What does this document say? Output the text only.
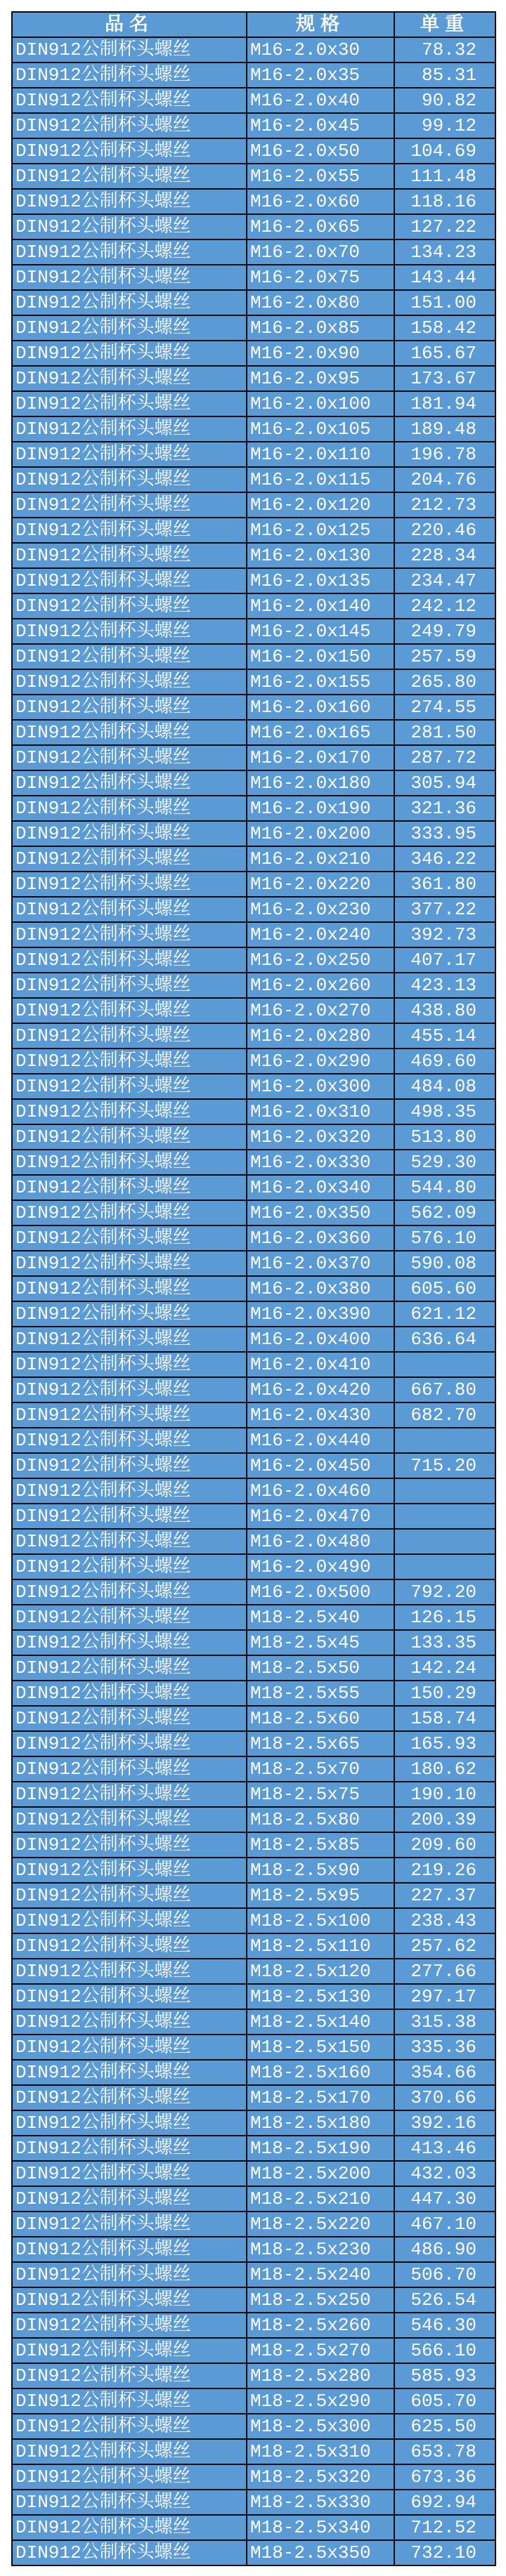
品名	规格	单重
DIN912公制杯头螺丝	M16-2.0x30	78.32
DIN912公制杯头螺丝	M16-2.0x35	85.31
DIN912公制杯头螺丝	M16-2.0x40	90.82
DIN912公制杯头螺丝	M16-2.0x45	99.12
DIN912公制杯头螺丝	M16-2.0x50	104.69
DIN912公制杯头螺丝	M16-2.0x55	111.48
DIN912公制杯头螺丝	M16-2.0x60	118.16
DIN912公制杯头螺丝	M16-2.0x65	127.22
DIN912公制杯头螺丝	M16-2.0x70	134.23
DIN912公制杯头螺丝	M16-2.0x75	143.44
DIN912公制杯头螺丝	M16-2.0x80	151.00
DIN912公制杯头螺丝	M16-2.0x85	158.42
DIN912公制杯头螺丝	M16-2.0x90	165.67
DIN912公制杯头螺丝	M16-2.0x95	173.67
DIN912公制杯头螺丝	M16-2.0x100	181.94
DIN912公制杯头螺丝	M16-2.0x105	189.48
DIN912公制杯头螺丝	M16-2.0x110	196.78
DIN912公制杯头螺丝	M16-2.0x115	204.76
DIN912公制杯头螺丝	M16-2.0x120	212.73
DIN912公制杯头螺丝	M16-2.0x125	220.46
DIN912公制杯头螺丝	M16-2.0x130	228.34
DIN912公制杯头螺丝	M16-2.0x135	234.47
DIN912公制杯头螺丝	M16-2.0x140	242.12
DIN912公制杯头螺丝	M16-2.0x145	249.79
DIN912公制杯头螺丝	M16-2.0x150	257.59
DIN912公制杯头螺丝	M16-2.0x155	265.80
DIN912公制杯头螺丝	M16-2.0x160	274.55
DIN912公制杯头螺丝	M16-2.0x165	281.50
DIN912公制杯头螺丝	M16-2.0x170	287.72
DIN912公制杯头螺丝	M16-2.0x180	305.94
DIN912公制杯头螺丝	M16-2.0x190	321.36
DIN912公制杯头螺丝	M16-2.0x200	333.95
DIN912公制杯头螺丝	M16-2.0x210	346.22
DIN912公制杯头螺丝	M16-2.0x220	361.80
DIN912公制杯头螺丝	M16-2.0x230	377.22
DIN912公制杯头螺丝	M16-2.0x240	392.73
DIN912公制杯头螺丝	M16-2.0x250	407.17
DIN912公制杯头螺丝	M16-2.0x260	423.13
DIN912公制杯头螺丝	M16-2.0x270	438.80
DIN912公制杯头螺丝	M16-2.0x280	455.14
DIN912公制杯头螺丝	M16-2.0x290	469.60
DIN912公制杯头螺丝	M16-2.0x300	484.08
DIN912公制杯头螺丝	M16-2.0x310	498.35
DIN912公制杯头螺丝	M16-2.0x320	513.80
DIN912公制杯头螺丝	M16-2.0x330	529.30
DIN912公制杯头螺丝	M16-2.0x340	544.80
DIN912公制杯头螺丝	M16-2.0x350	562.09
DIN912公制杯头螺丝	M16-2.0x360	576.10
DIN912公制杯头螺丝	M16-2.0x370	590.08
DIN912公制杯头螺丝	M16-2.0x380	605.60
DIN912公制杯头螺丝	M16-2.0x390	621.12
DIN912公制杯头螺丝	M16-2.0x400	636.64
DIN912公制杯头螺丝	M16-2.0x410	
DIN912公制杯头螺丝	M16-2.0x420	667.80
DIN912公制杯头螺丝	M16-2.0x430	682.70
DIN912公制杯头螺丝	M16-2.0x440	
DIN912公制杯头螺丝	M16-2.0x450	715.20
DIN912公制杯头螺丝	M16-2.0x460	
DIN912公制杯头螺丝	M16-2.0x470	
DIN912公制杯头螺丝	M16-2.0x480	
DIN912公制杯头螺丝	M16-2.0x490	
DIN912公制杯头螺丝	M16-2.0x500	792.20
DIN912公制杯头螺丝	M18-2.5x40	126.15
DIN912公制杯头螺丝	M18-2.5x45	133.35
DIN912公制杯头螺丝	M18-2.5x50	142.24
DIN912公制杯头螺丝	M18-2.5x55	150.29
DIN912公制杯头螺丝	M18-2.5x60	158.74
DIN912公制杯头螺丝	M18-2.5x65	165.93
DIN912公制杯头螺丝	M18-2.5x70	180.62
DIN912公制杯头螺丝	M18-2.5x75	190.10
DIN912公制杯头螺丝	M18-2.5x80	200.39
DIN912公制杯头螺丝	M18-2.5x85	209.60
DIN912公制杯头螺丝	M18-2.5x90	219.26
DIN912公制杯头螺丝	M18-2.5x95	227.37
DIN912公制杯头螺丝	M18-2.5x100	238.43
DIN912公制杯头螺丝	M18-2.5x110	257.62
DIN912公制杯头螺丝	M18-2.5x120	277.66
DIN912公制杯头螺丝	M18-2.5x130	297.17
DIN912公制杯头螺丝	M18-2.5x140	315.38
DIN912公制杯头螺丝	M18-2.5x150	335.36
DIN912公制杯头螺丝	M18-2.5x160	354.66
DIN912公制杯头螺丝	M18-2.5x170	370.66
DIN912公制杯头螺丝	M18-2.5x180	392.16
DIN912公制杯头螺丝	M18-2.5x190	413.46
DIN912公制杯头螺丝	M18-2.5x200	432.03
DIN912公制杯头螺丝	M18-2.5x210	447.30
DIN912公制杯头螺丝	M18-2.5x220	467.10
DIN912公制杯头螺丝	M18-2.5x230	486.90
DIN912公制杯头螺丝	M18-2.5x240	506.70
DIN912公制杯头螺丝	M18-2.5x250	526.54
DIN912公制杯头螺丝	M18-2.5x260	546.30
DIN912公制杯头螺丝	M18-2.5x270	566.10
DIN912公制杯头螺丝	M18-2.5x280	585.93
DIN912公制杯头螺丝	M18-2.5x290	605.70
DIN912公制杯头螺丝	M18-2.5x300	625.50
DIN912公制杯头螺丝	M18-2.5x310	653.78
DIN912公制杯头螺丝	M18-2.5x320	673.36
DIN912公制杯头螺丝	M18-2.5x330	692.94
DIN912公制杯头螺丝	M18-2.5x340	712.52
DIN912公制杯头螺丝	M18-2.5x350	732.10
